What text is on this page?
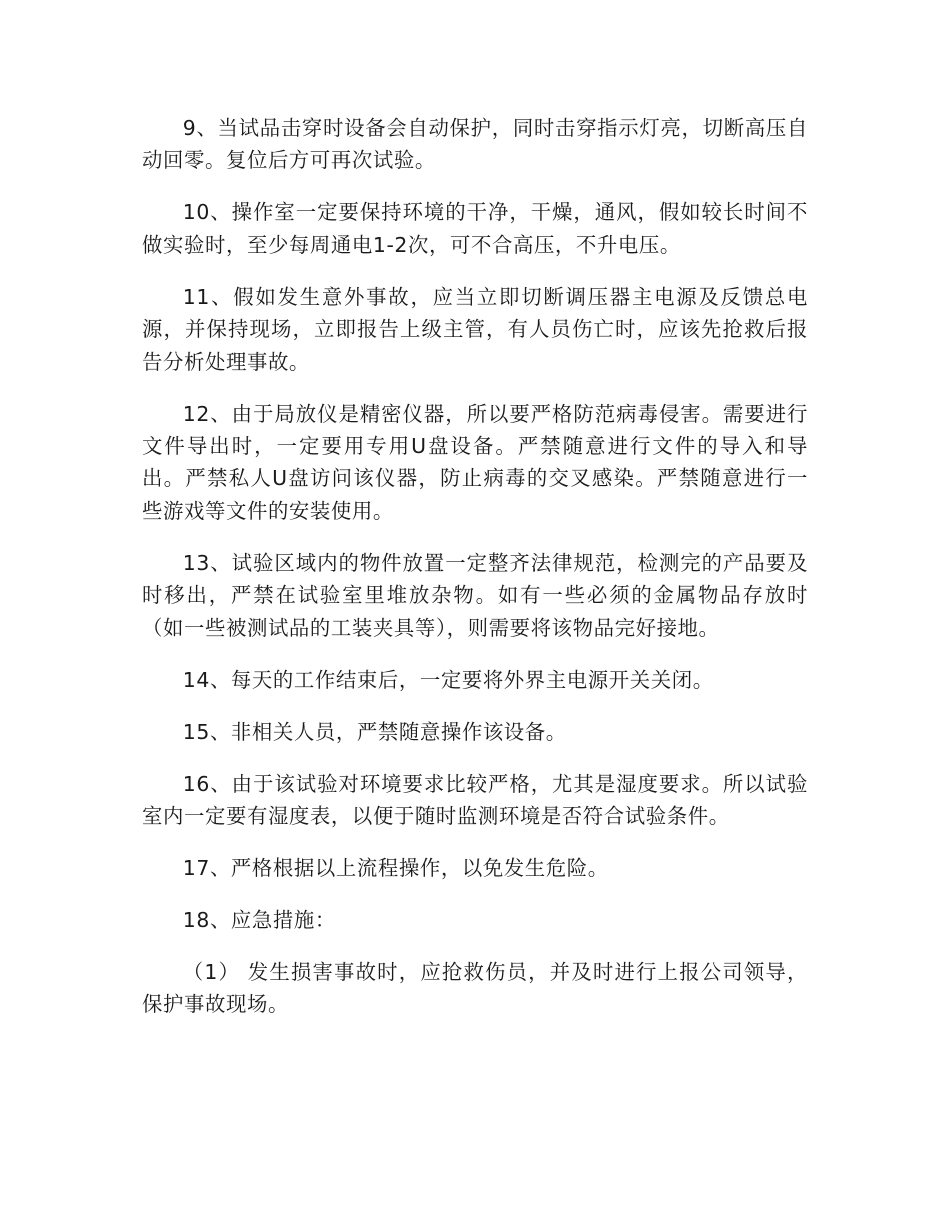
9、当试品击穿时设备会自动保护，同时击穿指示灯亮，切断高压自动回零。复位后方可再次试验。

10、操作室一定要保持环境的干净，干燥，通风，假如较长时间不做实验时，至少每周通电1-2次，可不合高压，不升电压。

11、假如发生意外事故，应当立即切断调压器主电源及反馈总电源，并保持现场，立即报告上级主管，有人员伤亡时，应该先抢救后报告分析处理事故。

12、由于局放仪是精密仪器，所以要严格防范病毒侵害。需要进行文件导出时，一定要用专用U盘设备。严禁随意进行文件的导入和导出。严禁私人U盘访问该仪器，防止病毒的交叉感染。严禁随意进行一些游戏等文件的安装使用。

13、试验区域内的物件放置一定整齐法律规范，检测完的产品要及时移出，严禁在试验室里堆放杂物。如有一些必须的金属物品存放时（如一些被测试品的工装夹具等），则需要将该物品完好接地。

14、每天的工作结束后，一定要将外界主电源开关关闭。

15、非相关人员，严禁随意操作该设备。

16、由于该试验对环境要求比较严格，尤其是湿度要求。所以试验室内一定要有湿度表，以便于随时监测环境是否符合试验条件。

17、严格根据以上流程操作，以免发生危险。

18、应急措施：

（1） 发生损害事故时，应抢救伤员，并及时进行上报公司领导，保护事故现场。
